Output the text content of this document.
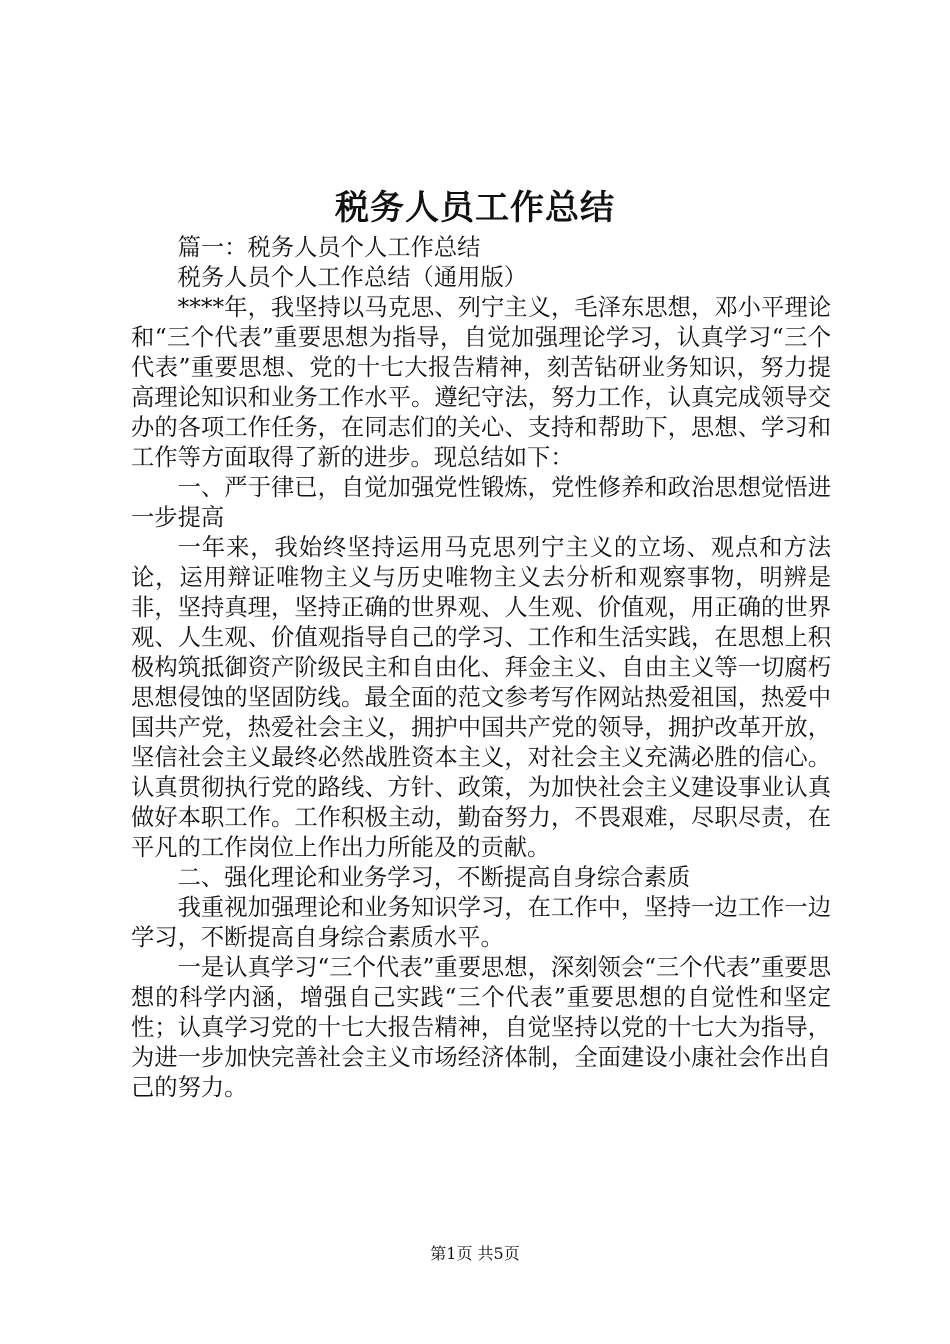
税务人员工作总结

篇一：税务人员个人工作总结

税务人员个人工作总结（通用版）

****年，我坚持以马克思、列宁主义，毛泽东思想，邓小平理论和“三个代表”重要思想为指导，自觉加强理论学习，认真学习“三个代表”重要思想、党的十七大报告精神，刻苦钻研业务知识，努力提高理论知识和业务工作水平。遵纪守法，努力工作，认真完成领导交办的各项工作任务，在同志们的关心、支持和帮助下，思想、学习和工作等方面取得了新的进步。现总结如下：

一、严于律已，自觉加强党性锻炼，党性修养和政治思想觉悟进一步提高

一年来，我始终坚持运用马克思列宁主义的立场、观点和方法论，运用辩证唯物主义与历史唯物主义去分析和观察事物，明辨是非，坚持真理，坚持正确的世界观、人生观、价值观，用正确的世界观、人生观、价值观指导自己的学习、工作和生活实践，在思想上积极构筑抵御资产阶级民主和自由化、拜金主义、自由主义等一切腐朽思想侵蚀的坚固防线。最全面的范文参考写作网站热爱祖国，热爱中国共产党，热爱社会主义，拥护中国共产党的领导，拥护改革开放，坚信社会主义最终必然战胜资本主义，对社会主义充满必胜的信心。认真贯彻执行党的路线、方针、政策，为加快社会主义建设事业认真做好本职工作。工作积极主动，勤奋努力，不畏艰难，尽职尽责，在平凡的工作岗位上作出力所能及的贡献。

二、强化理论和业务学习，不断提高自身综合素质

我重视加强理论和业务知识学习，在工作中，坚持一边工作一边学习，不断提高自身综合素质水平。

一是认真学习“三个代表”重要思想，深刻领会“三个代表”重要思想的科学内涵，增强自己实践“三个代表”重要思想的自觉性和坚定性；认真学习党的十七大报告精神，自觉坚持以党的十七大为指导，为进一步加快完善社会主义市场经济体制，全面建设小康社会作出自己的努力。

第1页 共5页
